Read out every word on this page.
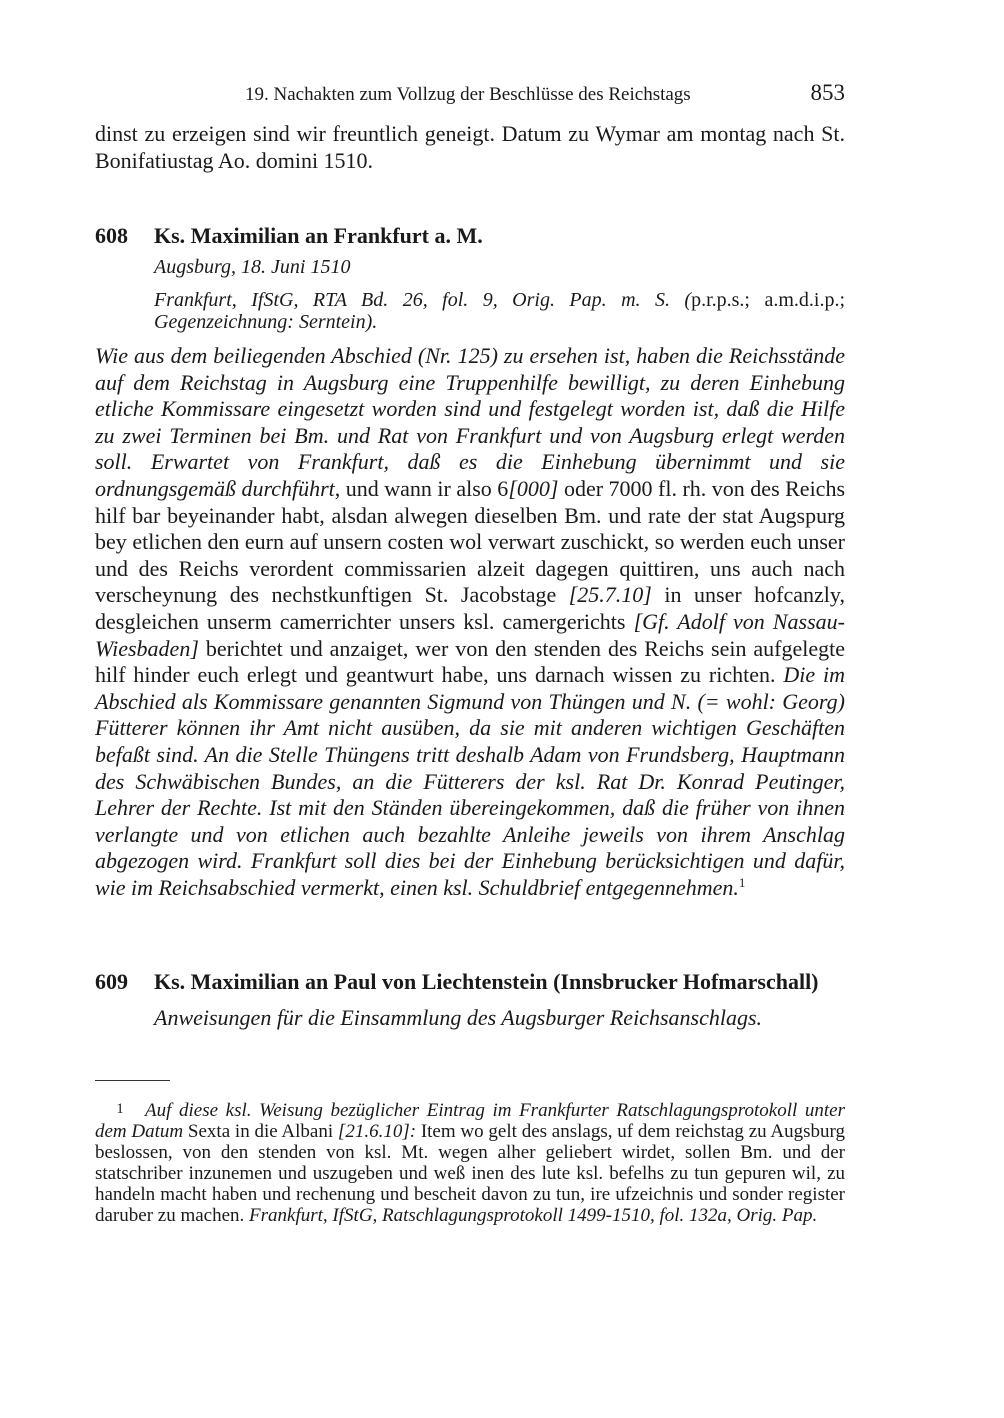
19. Nachakten zum Vollzug der Beschlüsse des Reichstags	853

dinst zu erzeigen sind wir freuntlich geneigt. Datum zu Wymar am montag nach St. Bonifatiustag Ao. domini 1510.

608 Ks. Maximilian an Frankfurt a. M.
Augsburg, 18. Juni 1510
Frankfurt, IfStG, RTA Bd. 26, fol. 9, Orig. Pap. m. S. (p.r.p.s.; a.m.d.i.p.; Gegenzeichnung: Serntein).

Wie aus dem beiliegenden Abschied (Nr. 125) zu ersehen ist, haben die Reichsstände auf dem Reichstag in Augsburg eine Truppenhilfe bewilligt, zu deren Einhebung etliche Kommissare eingesetzt worden sind und festgelegt worden ist, daß die Hilfe zu zwei Terminen bei Bm. und Rat von Frankfurt und von Augsburg erlegt werden soll. Erwartet von Frankfurt, daß es die Einhebung übernimmt und sie ordnungsgemäß durchführt, und wann ir also 6[000] oder 7000 fl. rh. von des Reichs hilf bar beyeinander habt, alsdan alwegen dieselben Bm. und rate der stat Augspurg bey etlichen den eurn auf unsern costen wol verwart zuschickt, so werden euch unser und des Reichs verordent commissarien alzeit dagegen quittiren, uns auch nach verscheynung des nechstkunftigen St. Jacobstage [25.7.10] in unser hofcanzly, desgleichen unserm camerrichter unsers ksl. camergerichts [Gf. Adolf von Nassau-Wiesbaden] berichtet und anzaiget, wer von den stenden des Reichs sein aufgelegte hilf hinder euch erlegt und geantwurt habe, uns darnach wissen zu richten. Die im Abschied als Kommissare genannten Sigmund von Thüngen und N. (= wohl: Georg) Fütterer können ihr Amt nicht ausüben, da sie mit anderen wichtigen Geschäften befaßt sind. An die Stelle Thüngens tritt deshalb Adam von Frundsberg, Hauptmann des Schwäbischen Bundes, an die Fütterers der ksl. Rat Dr. Konrad Peutinger, Lehrer der Rechte. Ist mit den Ständen übereingekommen, daß die früher von ihnen verlangte und von etlichen auch bezahlte Anleihe jeweils von ihrem Anschlag abgezogen wird. Frankfurt soll dies bei der Einhebung berücksichtigen und dafür, wie im Reichsabschied vermerkt, einen ksl. Schuldbrief entgegennehmen.$^1$

609 Ks. Maximilian an Paul von Liechtenstein (Innsbrucker Hofmarschall)
Anweisungen für die Einsammlung des Augsburger Reichsanschlags.
1 Auf diese ksl. Weisung bezüglicher Eintrag im Frankfurter Ratschlagungsprotokoll unter dem Datum Sexta in die Albani [21.6.10]: Item wo gelt des anslags, uf dem reichstag zu Augsburg beslossen, von den stenden von ksl. Mt. wegen alher geliebert wirdet, sollen Bm. und der statschriber inzunemen und uszugeben und weß inen des lute ksl. befelhs zu tun gepuren wil, zu handeln macht haben und rechenung und bescheit davon zu tun, ire ufzeichnis und sonder register daruber zu machen. Frankfurt, IfStG, Ratschlagungsprotokoll 1499-1510, fol. 132a, Orig. Pap.
